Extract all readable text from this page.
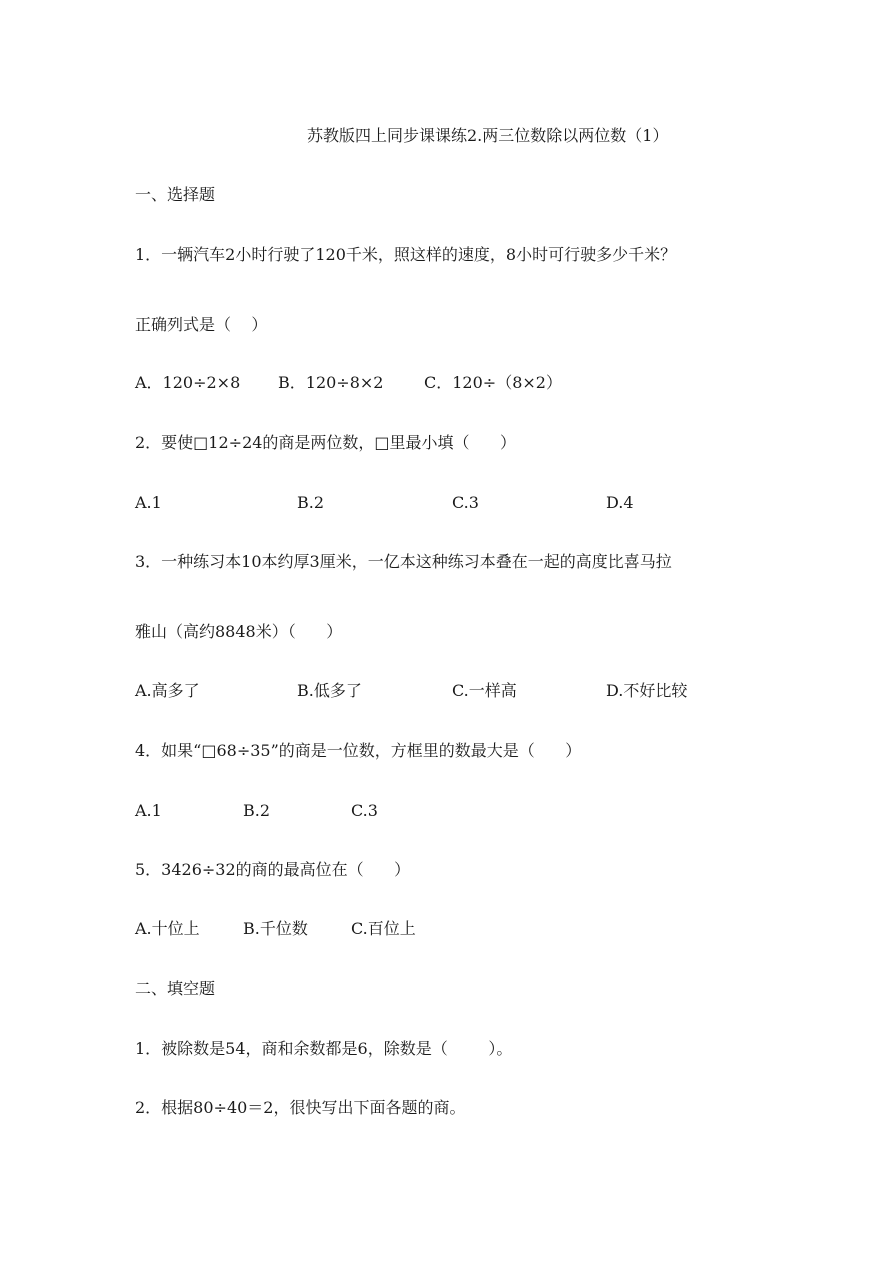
苏教版四上同步课课练2.两三位数除以两位数（1）
一、选择题
1．一辆汽车2小时行驶了120千米，照这样的速度，8小时可行驶多少千米？
正确列式是（    ）
A．120÷2×8 B．120÷8×2	C．120÷（8×2）
2．要使□12÷24的商是两位数，□里最小填（      ）
A.1	B.2	C.3	D.4
3．一种练习本10本约厚3厘米，一亿本这种练习本叠在一起的高度比喜马拉
雅山（高约8848米）（      ）
A.高多了	B.低多了	C.一样高	D.不好比较
4．如果“□68÷35”的商是一位数，方框里的数最大是（      ）
A.1	B.2	C.3
5．3426÷32的商的最高位在（      ）
A.十位上	B.千位数	C.百位上
二、填空题
1．被除数是54，商和余数都是6，除数是（        ）。
2．根据80÷40＝2，很快写出下面各题的商。
